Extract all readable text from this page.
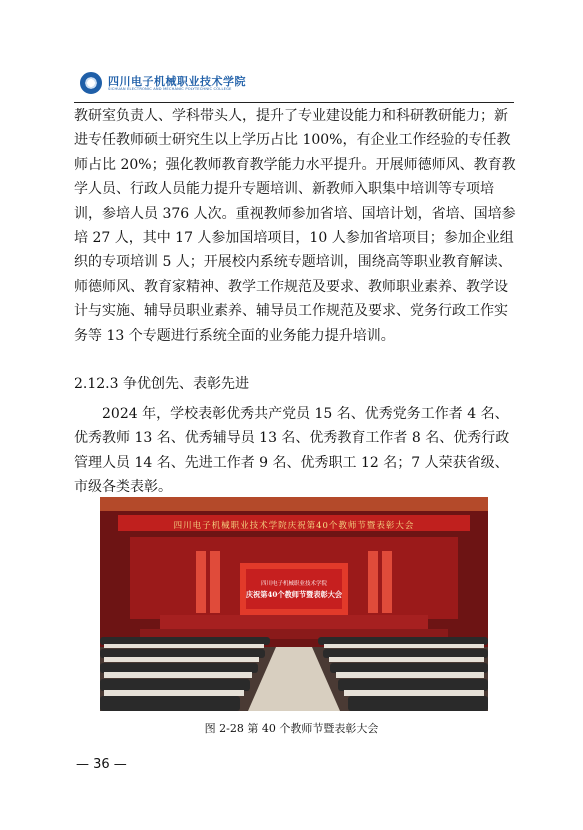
四川电子机械职业技术学院
SICHUAN ELECTRONIC AND MECHANIC POLYTECHNIC COLLEGE
教研室负责人、学科带头人，提升了专业建设能力和科研教研能力；新进专任教师硕士研究生以上学历占比 100%，有企业工作经验的专任教师占比 20%；强化教师教育教学能力水平提升。开展师德师风、教育教学人员、行政人员能力提升专题培训、新教师入职集中培训等专项培训，参培人员 376 人次。重视教师参加省培、国培计划，省培、国培参培 27 人，其中 17 人参加国培项目，10 人参加省培项目；参加企业组织的专项培训 5 人；开展校内系统专题培训，围绕高等职业教育解读、师德师风、教育家精神、教学工作规范及要求、教师职业素养、教学设计与实施、辅导员职业素养、辅导员工作规范及要求、党务行政工作实务等 13 个专题进行系统全面的业务能力提升培训。
2.12.3 争优创先、表彰先进
2024 年，学校表彰优秀共产党员 15 名、优秀党务工作者 4 名、优秀教师 13 名、优秀辅导员 13 名、优秀教育工作者 8 名、优秀行政管理人员 14 名、先进工作者 9 名、优秀职工 12 名；7 人荣获省级、市级各类表彰。
四川电子机械职业技术学院庆祝第40个教师节暨表彰大会
四川电子机械职业技术学院
庆祝第40个教师节暨表彰大会
图 2-28 第 40 个教师节暨表彰大会
— 36 —
